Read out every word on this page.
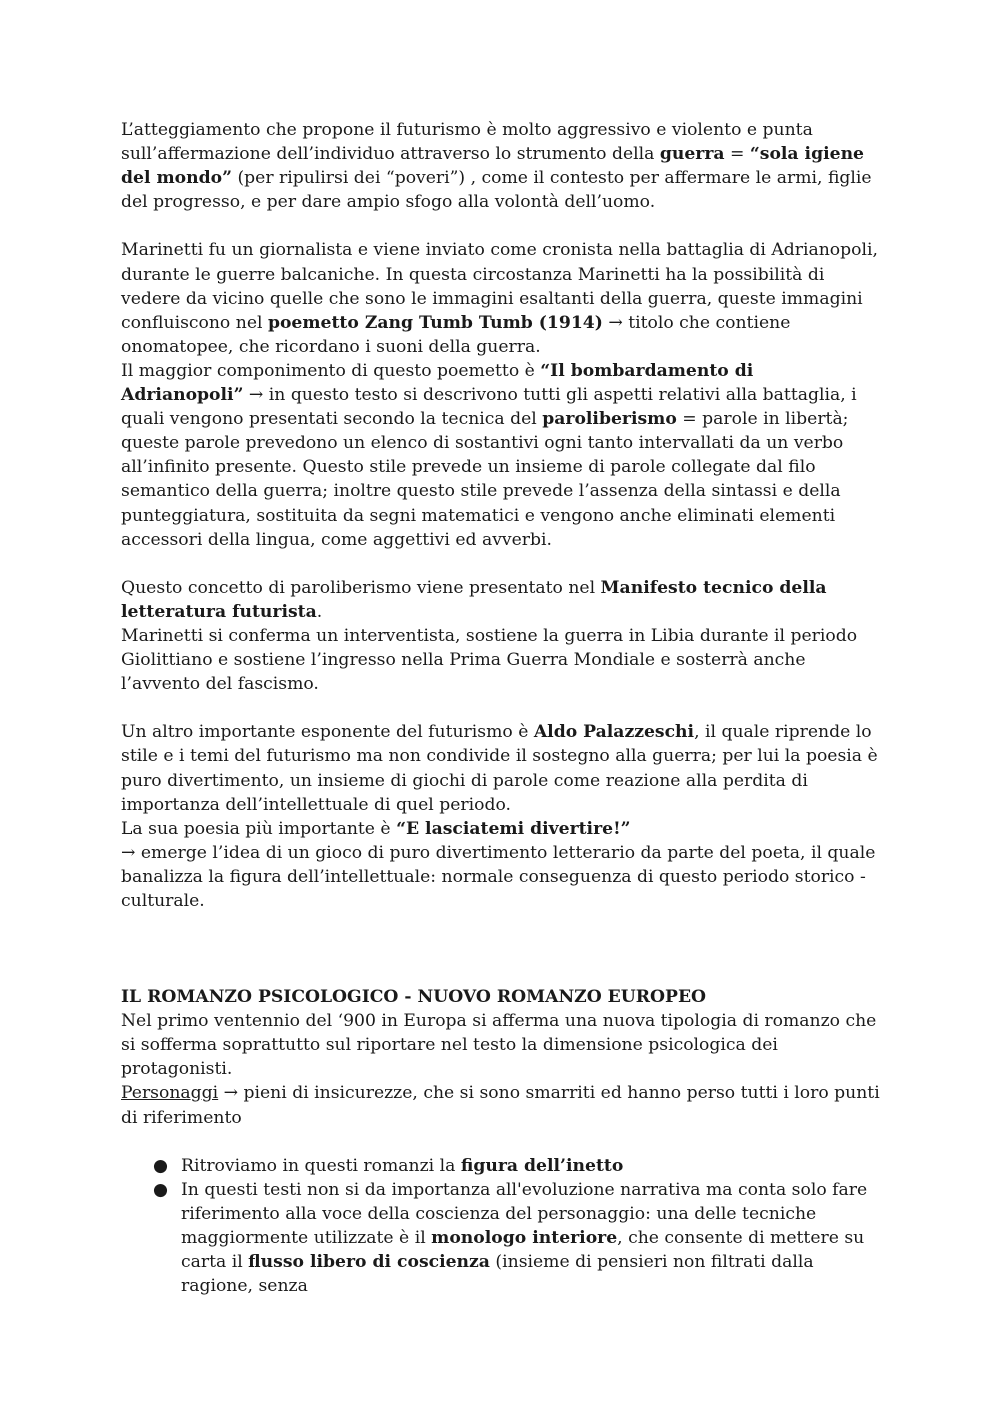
L’atteggiamento che propone il futurismo è molto aggressivo e violento e punta sull’affermazione dell’individuo attraverso lo strumento della guerra = “sola igiene del mondo” (per ripulirsi dei “poveri”) , come il contesto per affermare le armi, figlie del progresso, e per dare ampio sfogo alla volontà dell’uomo.

Marinetti fu un giornalista e viene inviato come cronista nella battaglia di Adrianopoli, durante le guerre balcaniche. In questa circostanza Marinetti ha la possibilità di vedere da vicino quelle che sono le immagini esaltanti della guerra, queste immagini confluiscono nel poemetto Zang Tumb Tumb (1914) → titolo che contiene onomatopee, che ricordano i suoni della guerra.

Il maggior componimento di questo poemetto è “Il bombardamento di Adrianopoli” → in questo testo si descrivono tutti gli aspetti relativi alla battaglia, i quali vengono presentati secondo la tecnica del paroliberismo = parole in libertà; queste parole prevedono un elenco di sostantivi ogni tanto intervallati da un verbo all’infinito presente. Questo stile prevede un insieme di parole collegate dal filo semantico della guerra; inoltre questo stile prevede l’assenza della sintassi e della punteggiatura, sostituita da segni matematici e vengono anche eliminati elementi accessori della lingua, come aggettivi ed avverbi.

Questo concetto di paroliberismo viene presentato nel Manifesto tecnico della letteratura futurista.

Marinetti si conferma un interventista, sostiene la guerra in Libia durante il periodo Giolittiano e sostiene l’ingresso nella Prima Guerra Mondiale e sosterrà anche l’avvento del fascismo.

Un altro importante esponente del futurismo è Aldo Palazzeschi, il quale riprende lo stile e i temi del futurismo ma non condivide il sostegno alla guerra; per lui la poesia è puro divertimento, un insieme di giochi di parole come reazione alla perdita di importanza dell’intellettuale di quel periodo.

La sua poesia più importante è “E lasciatemi divertire!”

→ emerge l’idea di un gioco di puro divertimento letterario da parte del poeta, il quale banalizza la figura dell’intellettuale: normale conseguenza di questo periodo storico - culturale.

IL ROMANZO PSICOLOGICO - NUOVO ROMANZO EUROPEO

Nel primo ventennio del ‘900 in Europa si afferma una nuova tipologia di romanzo che si sofferma soprattutto sul riportare nel testo la dimensione psicologica dei protagonisti.

Personaggi → pieni di insicurezze, che si sono smarriti ed hanno perso tutti i loro punti di riferimento

● Ritroviamo in questi romanzi la figura dell’inetto
● In questi testi non si da importanza all'evoluzione narrativa ma conta solo fare riferimento alla voce della coscienza del personaggio: una delle tecniche maggiormente utilizzate è il monologo interiore, che consente di mettere su carta il flusso libero di coscienza (insieme di pensieri non filtrati dalla ragione, senza
